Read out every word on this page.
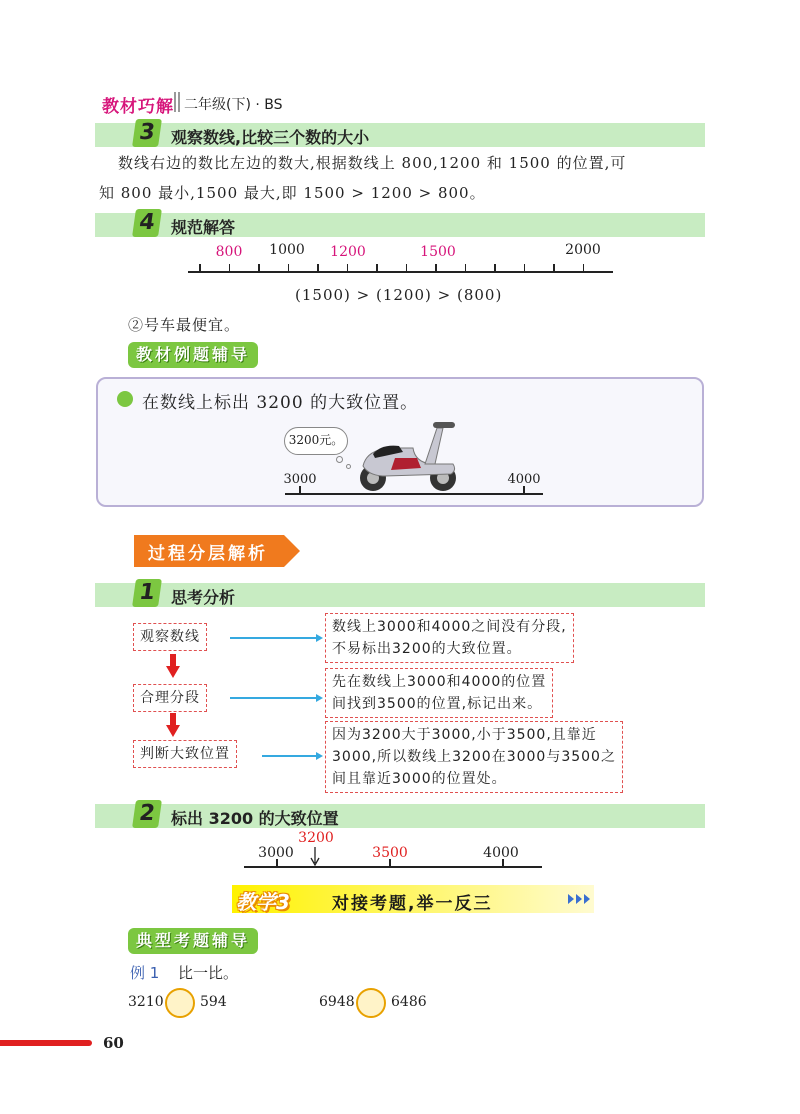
教材巧解 二年级(下) · BS
3 观察数线,比较三个数的大小
数线右边的数比左边的数大,根据数线上 800,1200 和 1500 的位置,可
知 800 最小,1500 最大,即 1500 > 1200 > 800。
4 规范解答
800 1000 1200	1500	2000
(1500) > (1200) > (800)
②号车最便宜。
教材例题辅导
在数线上标出 3200 的大致位置。
3200元。
3000	4000
过程分层解析
1 思考分析
观察数线
合理分段
判断大致位置
数线上3000和4000之间没有分段,
不易标出3200的大致位置。
先在数线上3000和4000的位置
间找到3500的位置,标记出来。
因为3200大于3000,小于3500,且靠近
3000,所以数线上3200在3000与3500之
间且靠近3000的位置处。
2 标出 3200 的大致位置
3000
3200
3500	4000
教学3 对接考题,举一反三
典型考题辅导
例 1 比一比。
3210	594	6948	6486
60
